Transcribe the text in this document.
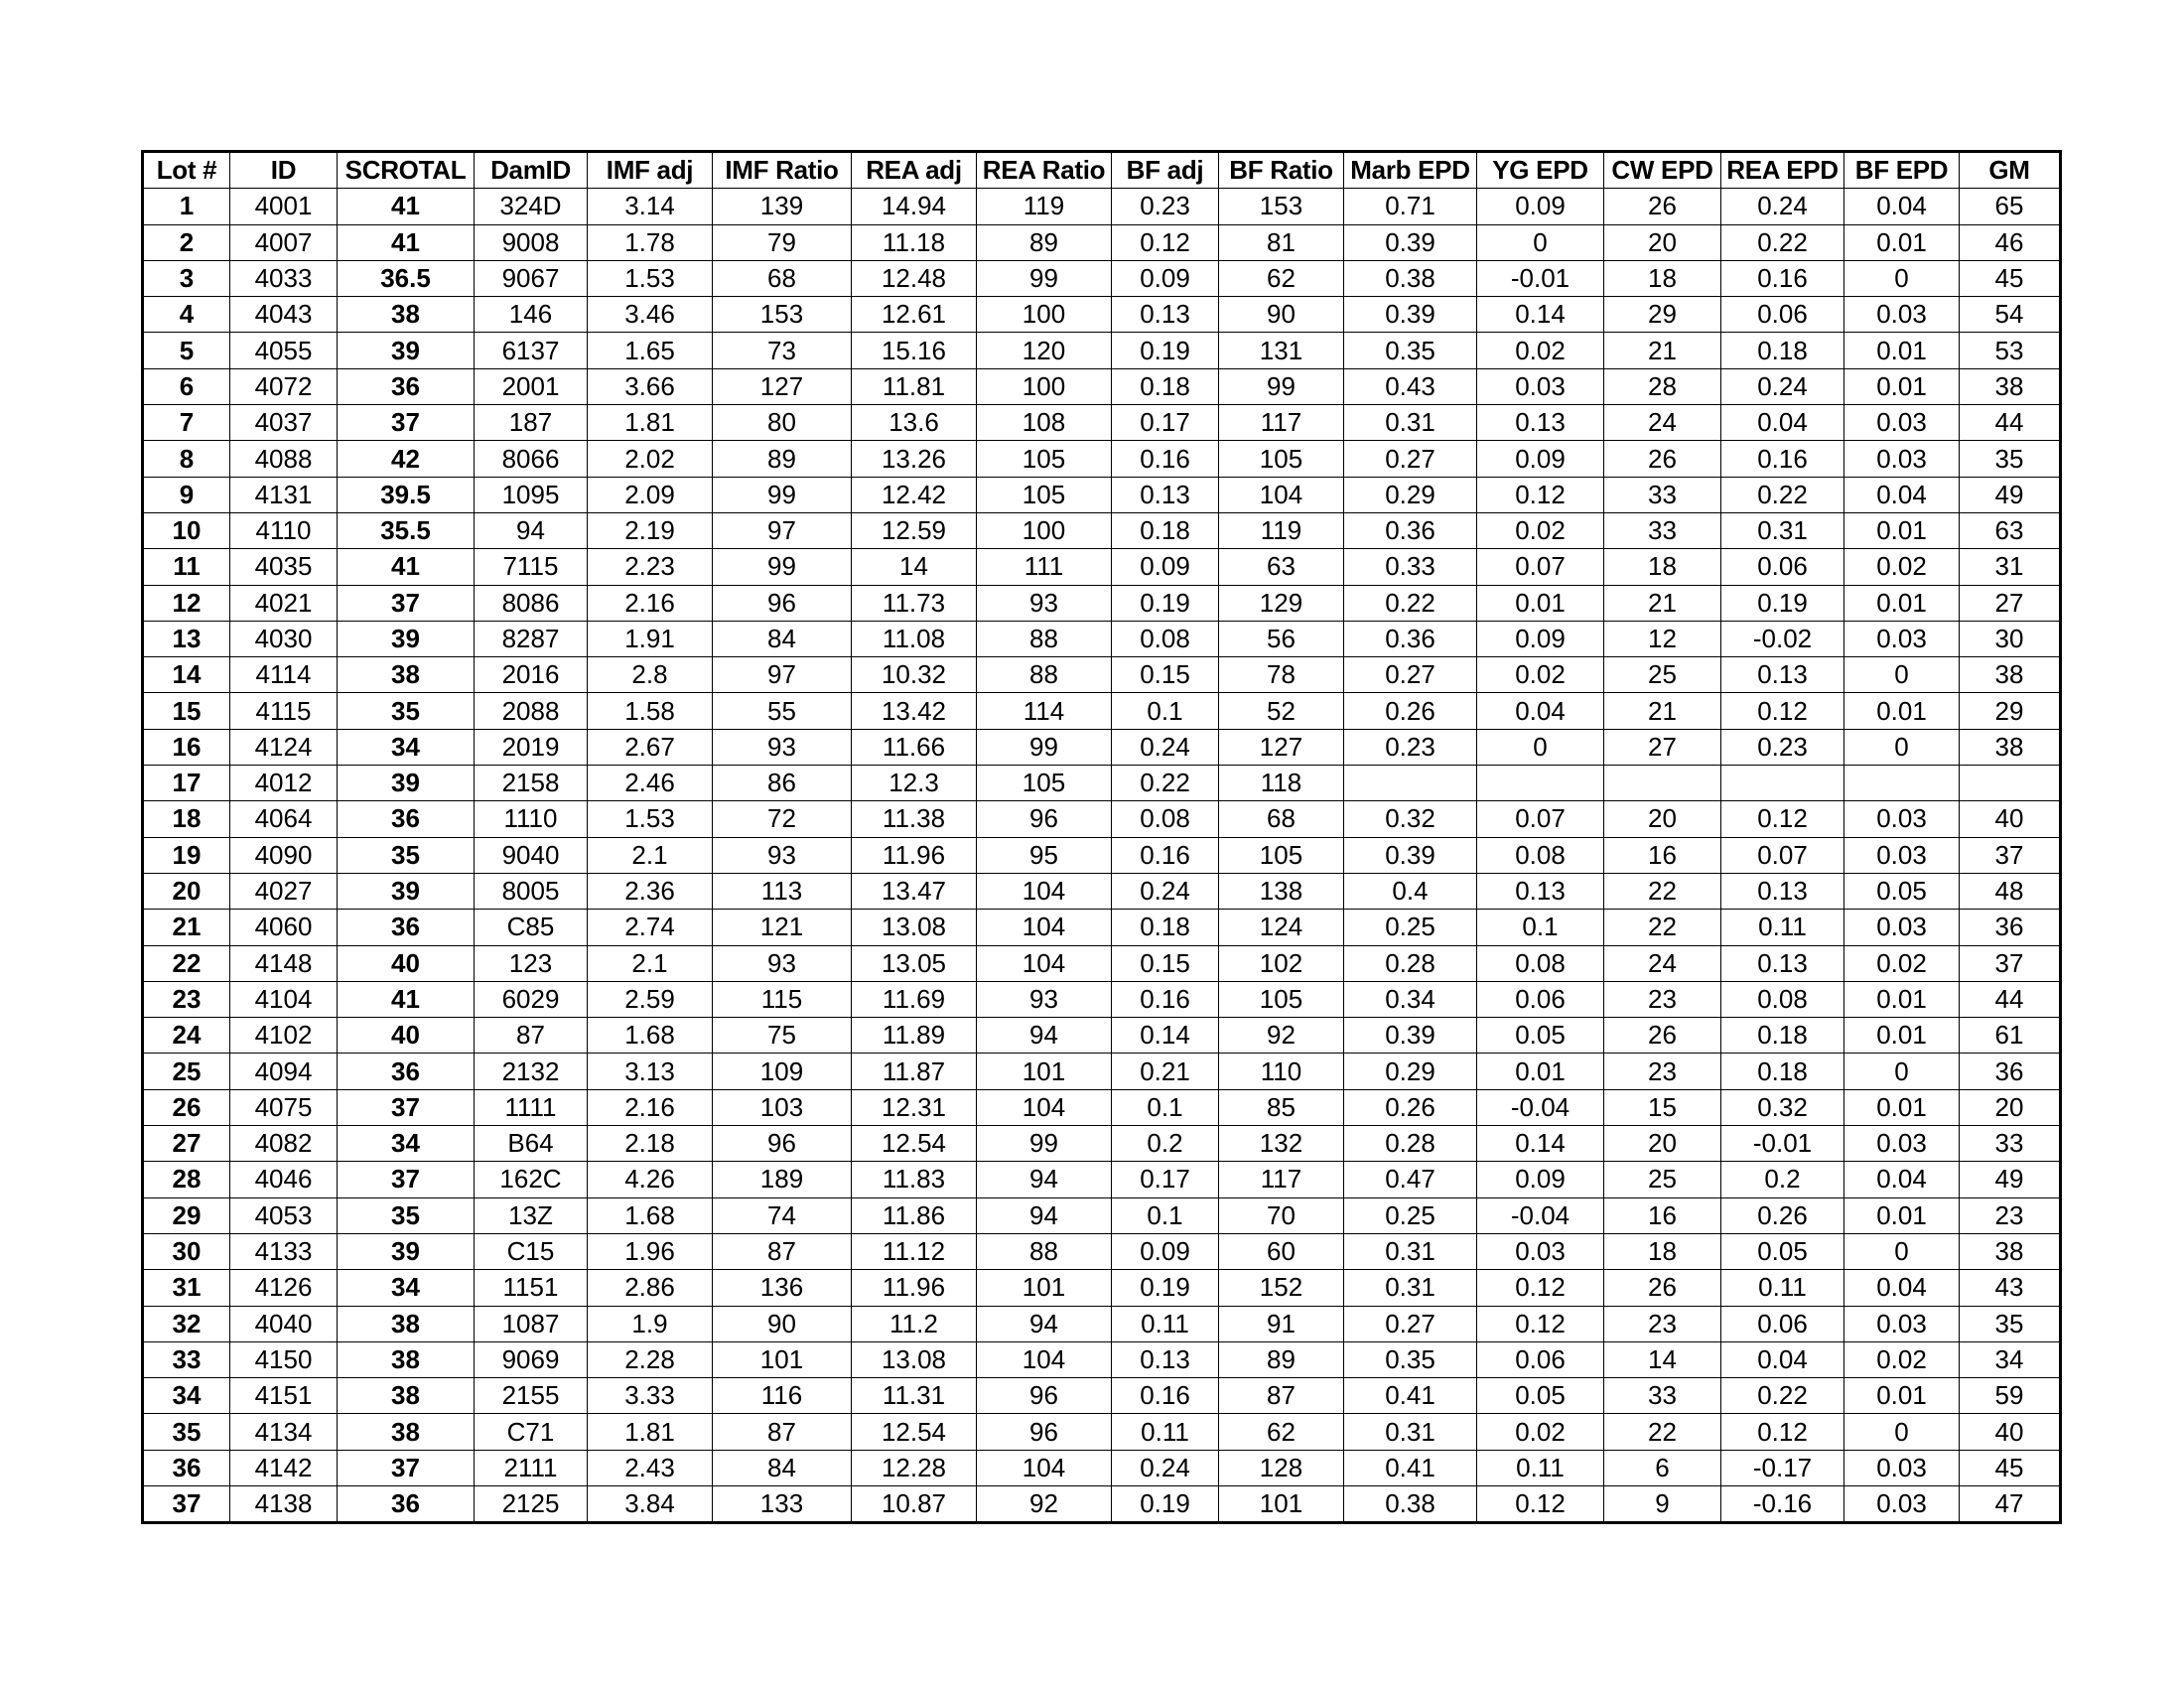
Lot #	ID	SCROTAL	DamID	IMF adj	IMF Ratio	REA adj	REA Ratio	BF adj	BF Ratio	Marb EPD	YG EPD	CW EPD	REA EPD	BF EPD	GM
1	4001	41	324D	3.14	139	14.94	119	0.23	153	0.71	0.09	26	0.24	0.04	65
2	4007	41	9008	1.78	79	11.18	89	0.12	81	0.39	0	20	0.22	0.01	46
3	4033	36.5	9067	1.53	68	12.48	99	0.09	62	0.38	-0.01	18	0.16	0	45
4	4043	38	146	3.46	153	12.61	100	0.13	90	0.39	0.14	29	0.06	0.03	54
5	4055	39	6137	1.65	73	15.16	120	0.19	131	0.35	0.02	21	0.18	0.01	53
6	4072	36	2001	3.66	127	11.81	100	0.18	99	0.43	0.03	28	0.24	0.01	38
7	4037	37	187	1.81	80	13.6	108	0.17	117	0.31	0.13	24	0.04	0.03	44
8	4088	42	8066	2.02	89	13.26	105	0.16	105	0.27	0.09	26	0.16	0.03	35
9	4131	39.5	1095	2.09	99	12.42	105	0.13	104	0.29	0.12	33	0.22	0.04	49
10	4110	35.5	94	2.19	97	12.59	100	0.18	119	0.36	0.02	33	0.31	0.01	63
11	4035	41	7115	2.23	99	14	111	0.09	63	0.33	0.07	18	0.06	0.02	31
12	4021	37	8086	2.16	96	11.73	93	0.19	129	0.22	0.01	21	0.19	0.01	27
13	4030	39	8287	1.91	84	11.08	88	0.08	56	0.36	0.09	12	-0.02	0.03	30
14	4114	38	2016	2.8	97	10.32	88	0.15	78	0.27	0.02	25	0.13	0	38
15	4115	35	2088	1.58	55	13.42	114	0.1	52	0.26	0.04	21	0.12	0.01	29
16	4124	34	2019	2.67	93	11.66	99	0.24	127	0.23	0	27	0.23	0	38
17	4012	39	2158	2.46	86	12.3	105	0.22	118						
18	4064	36	1110	1.53	72	11.38	96	0.08	68	0.32	0.07	20	0.12	0.03	40
19	4090	35	9040	2.1	93	11.96	95	0.16	105	0.39	0.08	16	0.07	0.03	37
20	4027	39	8005	2.36	113	13.47	104	0.24	138	0.4	0.13	22	0.13	0.05	48
21	4060	36	C85	2.74	121	13.08	104	0.18	124	0.25	0.1	22	0.11	0.03	36
22	4148	40	123	2.1	93	13.05	104	0.15	102	0.28	0.08	24	0.13	0.02	37
23	4104	41	6029	2.59	115	11.69	93	0.16	105	0.34	0.06	23	0.08	0.01	44
24	4102	40	87	1.68	75	11.89	94	0.14	92	0.39	0.05	26	0.18	0.01	61
25	4094	36	2132	3.13	109	11.87	101	0.21	110	0.29	0.01	23	0.18	0	36
26	4075	37	1111	2.16	103	12.31	104	0.1	85	0.26	-0.04	15	0.32	0.01	20
27	4082	34	B64	2.18	96	12.54	99	0.2	132	0.28	0.14	20	-0.01	0.03	33
28	4046	37	162C	4.26	189	11.83	94	0.17	117	0.47	0.09	25	0.2	0.04	49
29	4053	35	13Z	1.68	74	11.86	94	0.1	70	0.25	-0.04	16	0.26	0.01	23
30	4133	39	C15	1.96	87	11.12	88	0.09	60	0.31	0.03	18	0.05	0	38
31	4126	34	1151	2.86	136	11.96	101	0.19	152	0.31	0.12	26	0.11	0.04	43
32	4040	38	1087	1.9	90	11.2	94	0.11	91	0.27	0.12	23	0.06	0.03	35
33	4150	38	9069	2.28	101	13.08	104	0.13	89	0.35	0.06	14	0.04	0.02	34
34	4151	38	2155	3.33	116	11.31	96	0.16	87	0.41	0.05	33	0.22	0.01	59
35	4134	38	C71	1.81	87	12.54	96	0.11	62	0.31	0.02	22	0.12	0	40
36	4142	37	2111	2.43	84	12.28	104	0.24	128	0.41	0.11	6	-0.17	0.03	45
37	4138	36	2125	3.84	133	10.87	92	0.19	101	0.38	0.12	9	-0.16	0.03	47
